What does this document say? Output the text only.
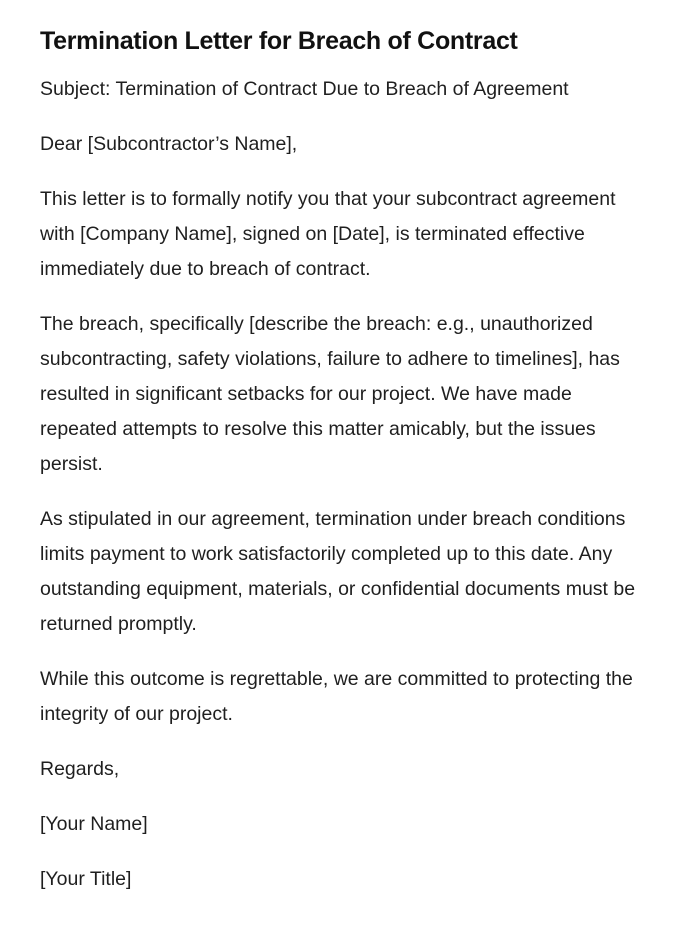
Termination Letter for Breach of Contract

Subject: Termination of Contract Due to Breach of Agreement

Dear [Subcontractor’s Name],

This letter is to formally notify you that your subcontract agreement with [Company Name], signed on [Date], is terminated effective immediately due to breach of contract.

The breach, specifically [describe the breach: e.g., unauthorized subcontracting, safety violations, failure to adhere to timelines], has resulted in significant setbacks for our project. We have made repeated attempts to resolve this matter amicably, but the issues persist.

As stipulated in our agreement, termination under breach conditions limits payment to work satisfactorily completed up to this date. Any outstanding equipment, materials, or confidential documents must be returned promptly.

While this outcome is regrettable, we are committed to protecting the integrity of our project.

Regards,

[Your Name]

[Your Title]
